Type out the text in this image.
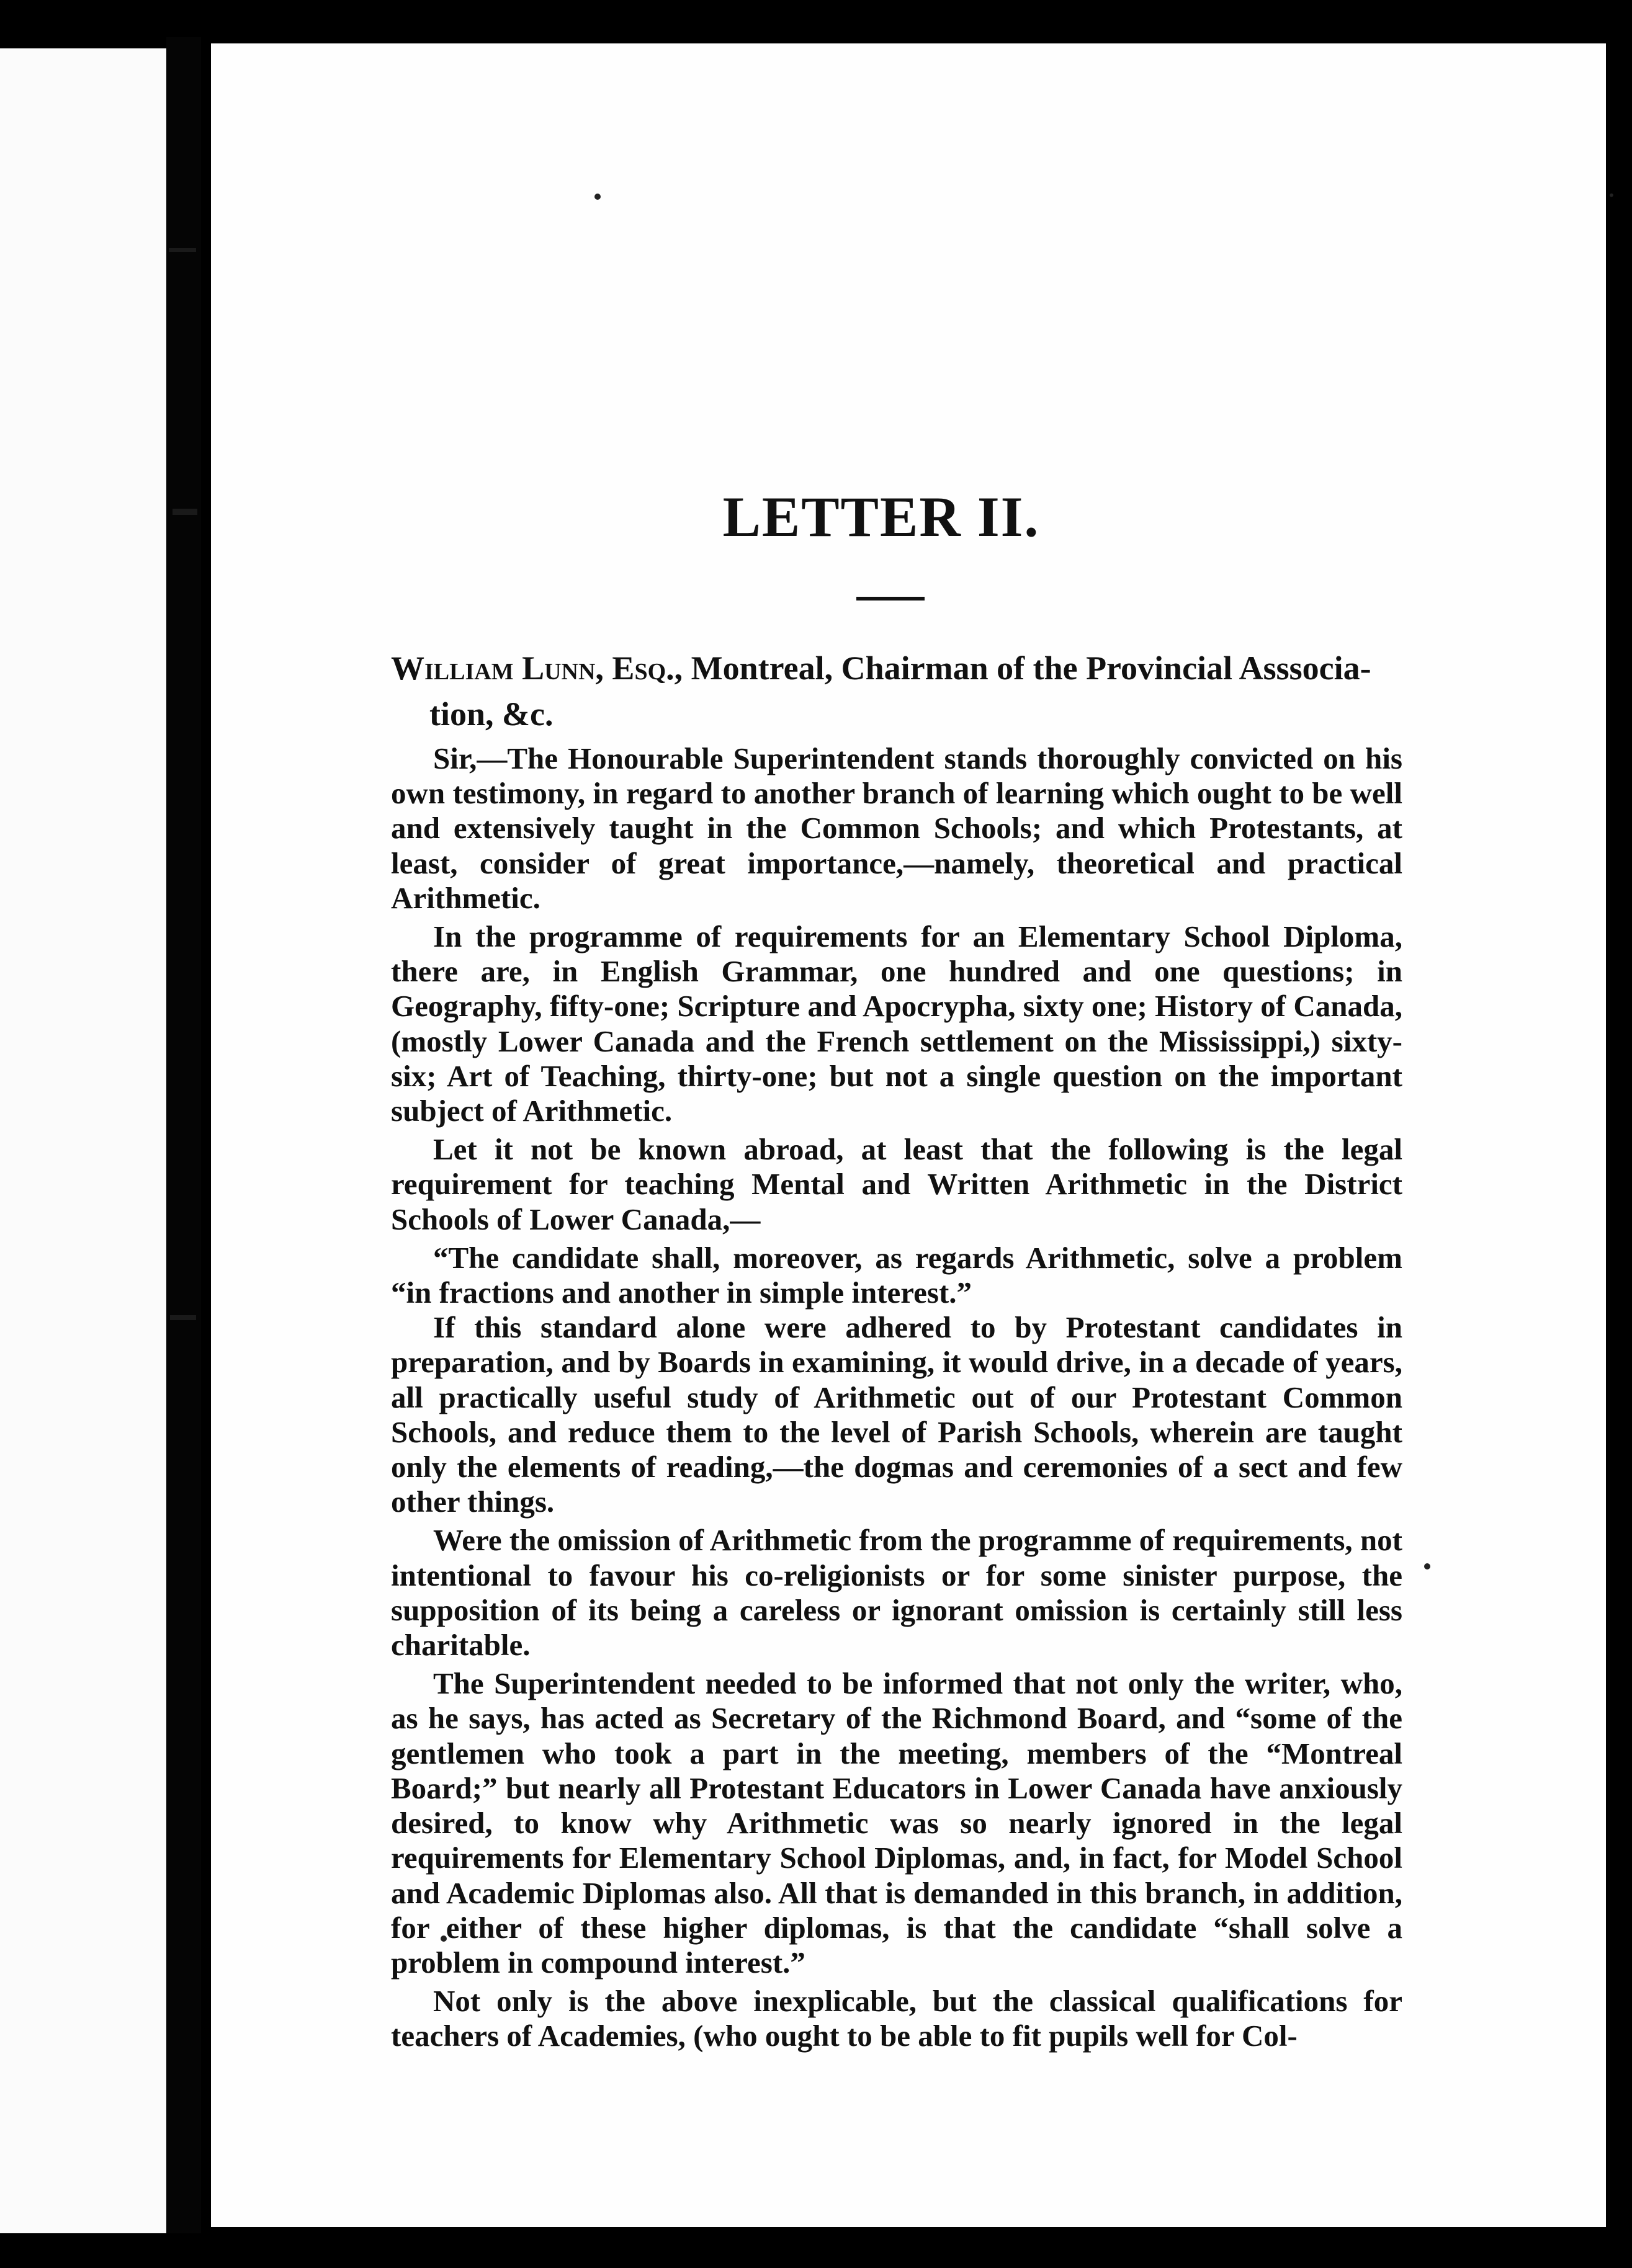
·
LETTER II.
William Lunn, Esq., Montreal, Chairman of the Provincial Asssocia-
tion, &c.

Sir,—The Honourable Superintendent stands thoroughly convicted on his own testimony, in regard to another branch of learning which ought to be well and extensively taught in the Common Schools; and which Protestants, at least, consider of great importance,—namely, theoretical and practical Arithmetic.

In the programme of requirements for an Elementary School Diploma, there are, in English Grammar, one hundred and one questions; in Geography, fifty-one; Scripture and Apocrypha, sixty one; History of Canada, (mostly Lower Canada and the French settlement on the Mississippi,) sixty-six; Art of Teaching, thirty-one; but not a single question on the important subject of Arithmetic.

Let it not be known abroad, at least that the following is the legal requirement for teaching Mental and Written Arithmetic in the District Schools of Lower Canada,—

“The candidate shall, moreover, as regards Arithmetic, solve a problem “in fractions and another in simple interest.”

If this standard alone were adhered to by Protestant candidates in preparation, and by Boards in examining, it would drive, in a decade of years, all practically useful study of Arithmetic out of our Protestant Common Schools, and reduce them to the level of Parish Schools, wherein are taught only the elements of reading,—the dogmas and ceremonies of a sect and few other things.

Were the omission of Arithmetic from the programme of requirements, not intentional to favour his co-religionists or for some sinister purpose, the supposition of its being a careless or ignorant omission is certainly still less charitable.

The Superintendent needed to be informed that not only the writer, who, as he says, has acted as Secretary of the Richmond Board, and “some of the gentlemen who took a part in the meeting, members of the “Montreal Board;” but nearly all Protestant Educators in Lower Canada have anxiously desired, to know why Arithmetic was so nearly ignored in the legal requirements for Elementary School Diplomas, and, in fact, for Model School and Academic Diplomas also. All that is demanded in this branch, in addition, for either of these higher diplomas, is that the candidate “shall solve a problem in compound interest.”

Not only is the above inexplicable, but the classical qualifications for teachers of Academies, (who ought to be able to fit pupils well for Col-
